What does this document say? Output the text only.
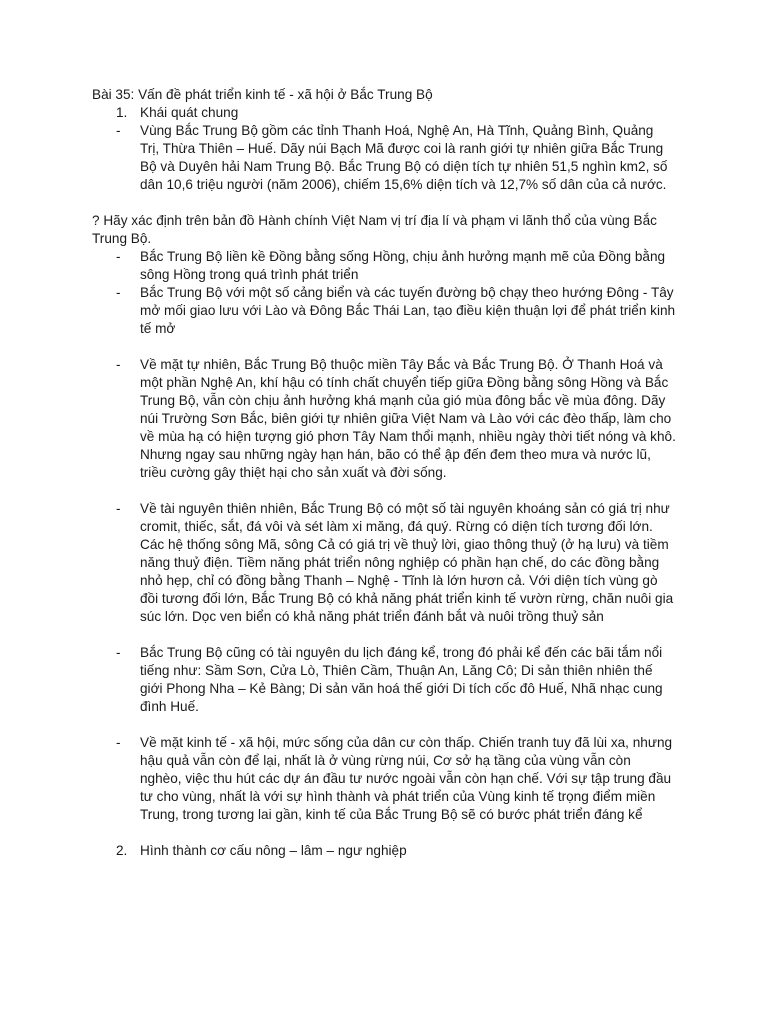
Bài 35: Vấn đề phát triển kinh tế - xã hội ở Bắc Trung Bộ

1. Khái quát chung
-	Vùng Bắc Trung Bộ gồm các tỉnh Thanh Hoá, Nghệ An, Hà Tĩnh, Quảng Bình, Quảng Trị, Thừa Thiên – Huế. Dãy núi Bạch Mã được coi là ranh giới tự nhiên giữa Bắc Trung Bộ và Duyên hải Nam Trung Bộ. Bắc Trung Bộ có diện tích tự nhiên 51,5 nghìn km2, số dân 10,6 triệu người (năm 2006), chiếm 15,6% diện tích và 12,7% số dân của cả nước.

? Hãy xác định trên bản đồ Hành chính Việt Nam vị trí địa lí và phạm vi lãnh thổ của vùng Bắc Trung Bộ.

-	Bắc Trung Bộ liền kề Đồng bằng sống Hồng, chịu ảnh hưởng mạnh mẽ của Đồng bằng sông Hồng trong quá trình phát triển
-	Bắc Trung Bộ với một số cảng biển và các tuyến đường bộ chạy theo hướng Đông - Tây mở mối giao lưu với Lào và Đông Bắc Thái Lan, tạo điều kiện thuận lợi để phát triển kinh tế mở
-	Về mặt tự nhiên, Bắc Trung Bộ thuộc miền Tây Bắc và Bắc Trung Bộ. Ở Thanh Hoá và một phần Nghệ An, khí hậu có tính chất chuyển tiếp giữa Đồng bằng sông Hồng và Bắc Trung Bộ, vẫn còn chịu ảnh hưởng khá mạnh của gió mùa đông bắc về mùa đông. Dãy núi Trường Sơn Bắc, biên giới tự nhiên giữa Việt Nam và Lào với các đèo thấp, làm cho về mùa hạ có hiện tượng gió phơn Tây Nam thổi mạnh, nhiều ngày thời tiết nóng và khô. Nhưng ngay sau những ngày hạn hán, bão có thể ập đến đem theo mưa và nước lũ, triều cường gây thiệt hại cho sản xuất và đời sống.
-	Về tài nguyên thiên nhiên, Bắc Trung Bộ có một số tài nguyên khoáng sản có giá trị như cromit, thiếc, sắt, đá vôi và sét làm xi măng, đá quý. Rừng có diện tích tương đối lớn. Các hệ thống sông Mã, sông Cả có giá trị về thuỷ lời, giao thông thuỷ (ở hạ lưu) và tiềm năng thuỷ điện. Tiềm năng phát triển nông nghiệp có phần hạn chế, do các đồng bằng nhỏ hẹp, chỉ có đồng bằng Thanh – Nghệ - Tĩnh là lớn hươn cả. Với diện tích vùng gò đồi tương đối lớn, Bắc Trung Bộ có khả năng phát triển kinh tế vườn rừng, chăn nuôi gia súc lớn. Dọc ven biển có khả năng phát triển đánh bắt và nuôi trồng thuỷ sản
-	Bắc Trung Bộ cũng có tài nguyên du lịch đáng kể, trong đó phải kể đến các bãi tắm nổi tiếng như: Sầm Sơn, Cửa Lò, Thiên Cầm, Thuận An, Lăng Cô; Di sản thiên nhiên thế giới Phong Nha – Kẻ Bàng; Di sản văn hoá thế giới Di tích cốc đô Huế, Nhã nhạc cung đình Huế.
-	Về mặt kinh tế - xã hội, mức sống của dân cư còn thấp. Chiến tranh tuy đã lùi xa, nhưng hậu quả vẫn còn để lại, nhất là ở vùng rừng núi, Cơ sở hạ tầng của vùng vẫn còn nghèo, việc thu hút các dự án đầu tư nước ngoài vẫn còn hạn chế. Với sự tập trung đầu tư cho vùng, nhất là với sự hình thành và phát triển của Vùng kinh tế trọng điểm miền Trung, trong tương lai gần, kinh tế của Bắc Trung Bộ sẽ có bước phát triển đáng kể
2. Hình thành cơ cấu nông – lâm – ngư nghiệp
